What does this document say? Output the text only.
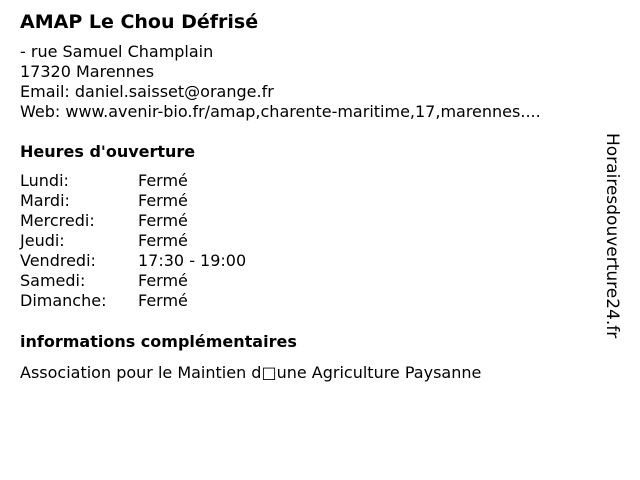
AMAP Le Chou Défrisé
- rue Samuel Champlain
17320 Marennes
Email: daniel.saisset@orange.fr
Web: www.avenir-bio.fr/amap,charente-maritime,17,marennes....
Heures d'ouverture
Lundi:	Fermé
Mardi:	Fermé
Mercredi:	Fermé
Jeudi:	Fermé
Vendredi:	17:30 - 19:00
Samedi:	Fermé
Dimanche:	Fermé
informations complémentaires
Association pour le Maintien d□une Agriculture Paysanne
Horairesdouverture24.fr
